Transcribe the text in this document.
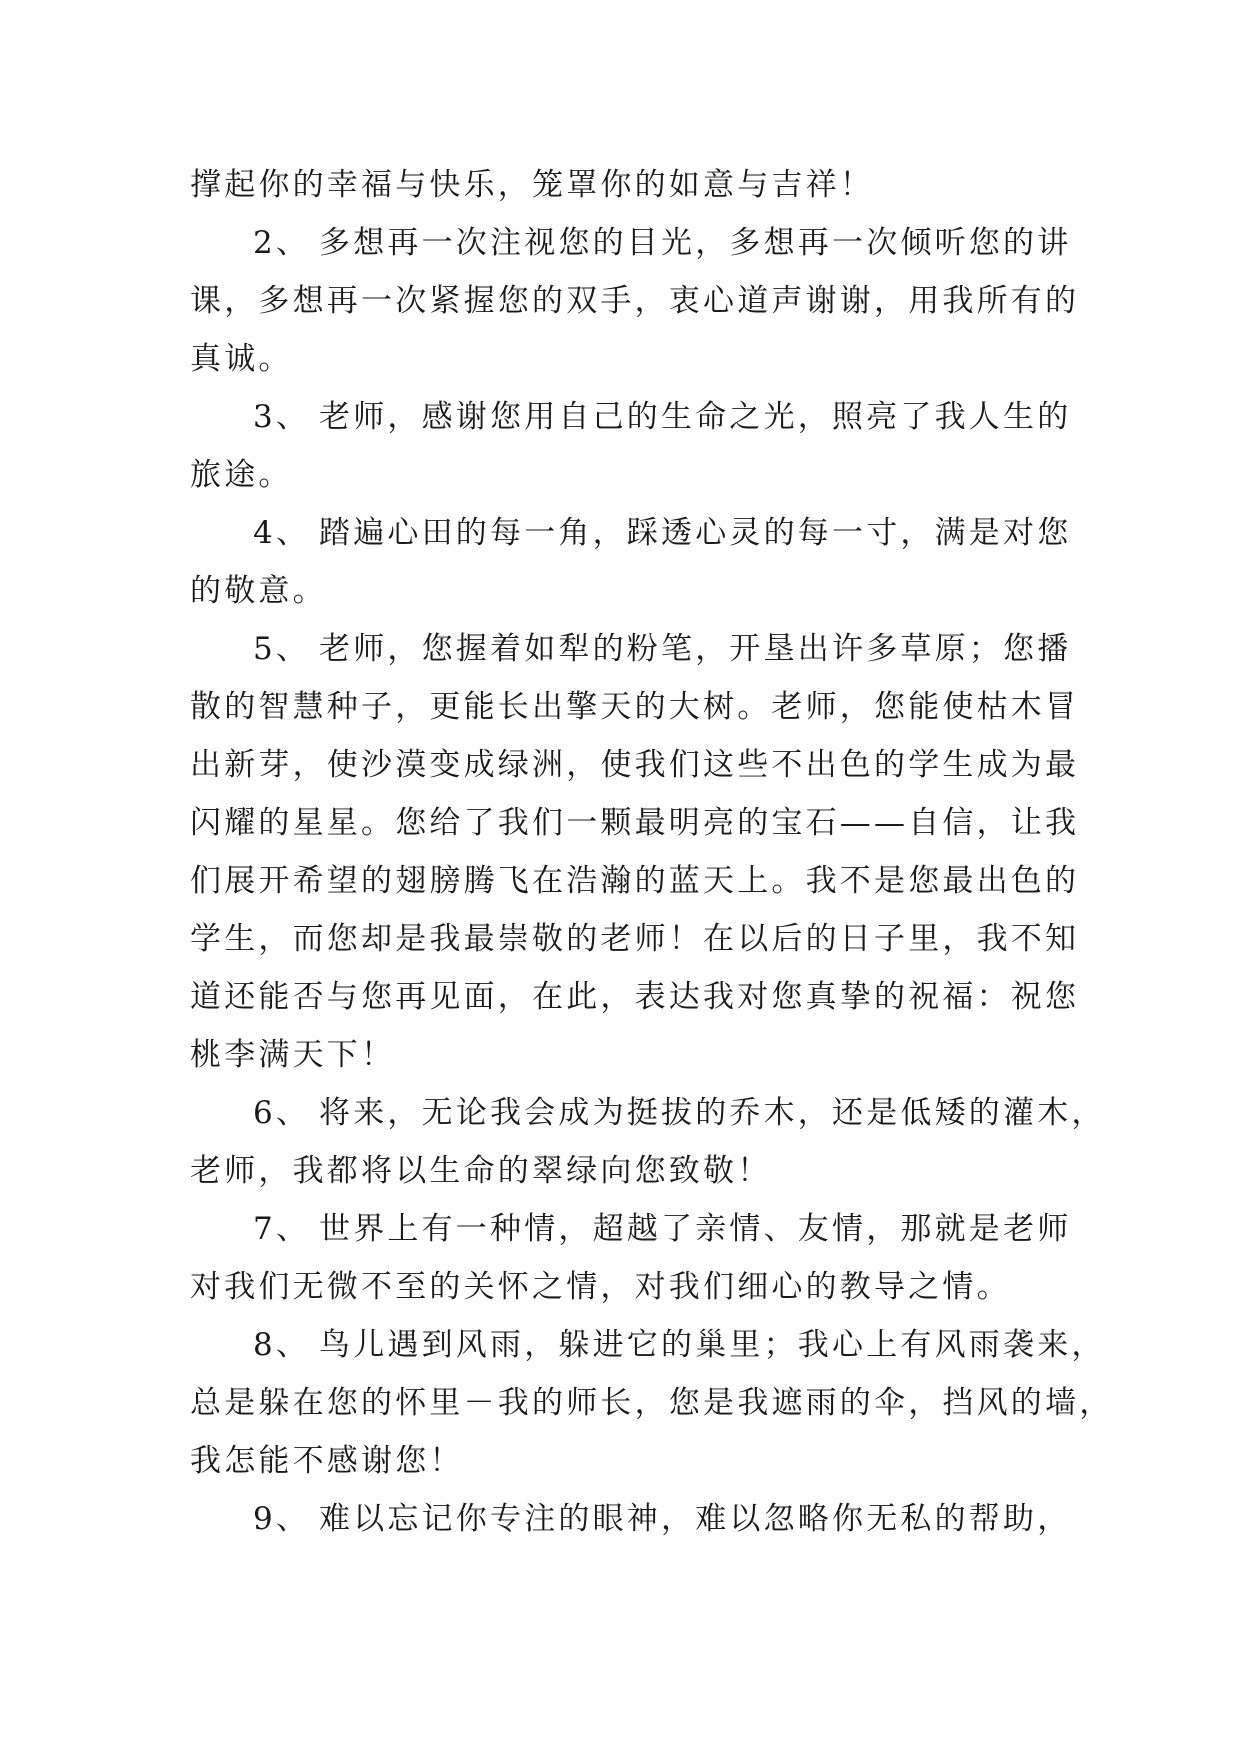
撑起你的幸福与快乐，笼罩你的如意与吉祥！
2、 多想再一次注视您的目光，多想再一次倾听您的讲
课，多想再一次紧握您的双手，衷心道声谢谢，用我所有的
真诚。
3、 老师，感谢您用自己的生命之光，照亮了我人生的
旅途。
4、 踏遍心田的每一角，踩透心灵的每一寸，满是对您
的敬意。
5、 老师，您握着如犁的粉笔，开垦出许多草原；您播
散的智慧种子，更能长出擎天的大树。老师，您能使枯木冒
出新芽，使沙漠变成绿洲，使我们这些不出色的学生成为最
闪耀的星星。您给了我们一颗最明亮的宝石——自信，让我
们展开希望的翅膀腾飞在浩瀚的蓝天上。我不是您最出色的
学生，而您却是我最崇敬的老师！在以后的日子里，我不知
道还能否与您再见面，在此，表达我对您真挚的祝福：祝您
桃李满天下！
6、 将来，无论我会成为挺拔的乔木，还是低矮的灌木，
老师，我都将以生命的翠绿向您致敬！
7、 世界上有一种情，超越了亲情、友情，那就是老师
对我们无微不至的关怀之情，对我们细心的教导之情。
8、 鸟儿遇到风雨，躲进它的巢里；我心上有风雨袭来，
总是躲在您的怀里－我的师长，您是我遮雨的伞，挡风的墙，
我怎能不感谢您！
9、 难以忘记你专注的眼神，难以忽略你无私的帮助，
